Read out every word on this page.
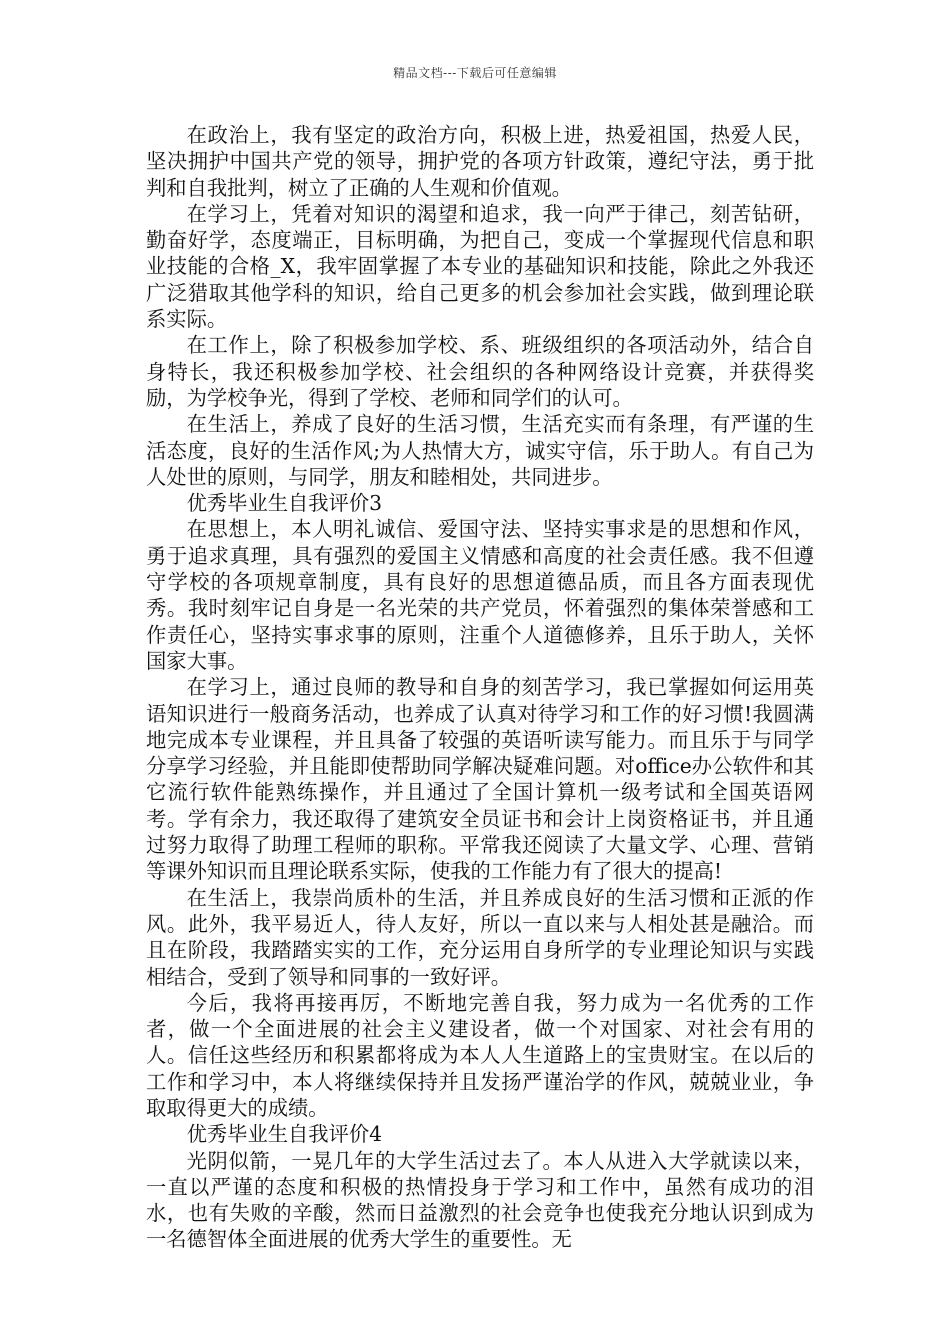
精品文档---下载后可任意编辑

在政治上，我有坚定的政治方向，积极上进，热爱祖国，热爱人民，坚决拥护中国共产党的领导，拥护党的各项方针政策，遵纪守法，勇于批判和自我批判，树立了正确的人生观和价值观。

在学习上，凭着对知识的渴望和追求，我一向严于律己，刻苦钻研，勤奋好学，态度端正，目标明确，为把自己，变成一个掌握现代信息和职业技能的合格_X，我牢固掌握了本专业的基础知识和技能，除此之外我还广泛猎取其他学科的知识，给自己更多的机会参加社会实践，做到理论联系实际。

在工作上，除了积极参加学校、系、班级组织的各项活动外，结合自身特长，我还积极参加学校、社会组织的各种网络设计竞赛，并获得奖励，为学校争光，得到了学校、老师和同学们的认可。

在生活上，养成了良好的生活习惯，生活充实而有条理，有严谨的生活态度，良好的生活作风;为人热情大方，诚实守信，乐于助人。有自己为人处世的原则，与同学，朋友和睦相处，共同进步。

优秀毕业生自我评价3

在思想上，本人明礼诚信、爱国守法、坚持实事求是的思想和作风，勇于追求真理，具有强烈的爱国主义情感和高度的社会责任感。我不但遵守学校的各项规章制度，具有良好的思想道德品质，而且各方面表现优秀。我时刻牢记自身是一名光荣的共产党员，怀着强烈的集体荣誉感和工作责任心，坚持实事求事的原则，注重个人道德修养，且乐于助人，关怀国家大事。

在学习上，通过良师的教导和自身的刻苦学习，我已掌握如何运用英语知识进行一般商务活动，也养成了认真对待学习和工作的好习惯!我圆满地完成本专业课程，并且具备了较强的英语听读写能力。而且乐于与同学分享学习经验，并且能即使帮助同学解决疑难问题。对office办公软件和其它流行软件能熟练操作，并且通过了全国计算机一级考试和全国英语网考。学有余力，我还取得了建筑安全员证书和会计上岗资格证书，并且通过努力取得了助理工程师的职称。平常我还阅读了大量文学、心理、营销等课外知识而且理论联系实际，使我的工作能力有了很大的提高!

在生活上，我崇尚质朴的生活，并且养成良好的生活习惯和正派的作风。此外，我平易近人，待人友好，所以一直以来与人相处甚是融洽。而且在阶段，我踏踏实实的工作，充分运用自身所学的专业理论知识与实践相结合，受到了领导和同事的一致好评。

今后，我将再接再厉，不断地完善自我，努力成为一名优秀的工作者，做一个全面进展的社会主义建设者，做一个对国家、对社会有用的人。信任这些经历和积累都将成为本人人生道路上的宝贵财宝。在以后的工作和学习中，本人将继续保持并且发扬严谨治学的作风，兢兢业业，争取取得更大的成绩。

优秀毕业生自我评价4

光阴似箭，一晃几年的大学生活过去了。本人从进入大学就读以来，一直以严谨的态度和积极的热情投身于学习和工作中，虽然有成功的泪水，也有失败的辛酸，然而日益激烈的社会竞争也使我充分地认识到成为一名德智体全面进展的优秀大学生的重要性。无
